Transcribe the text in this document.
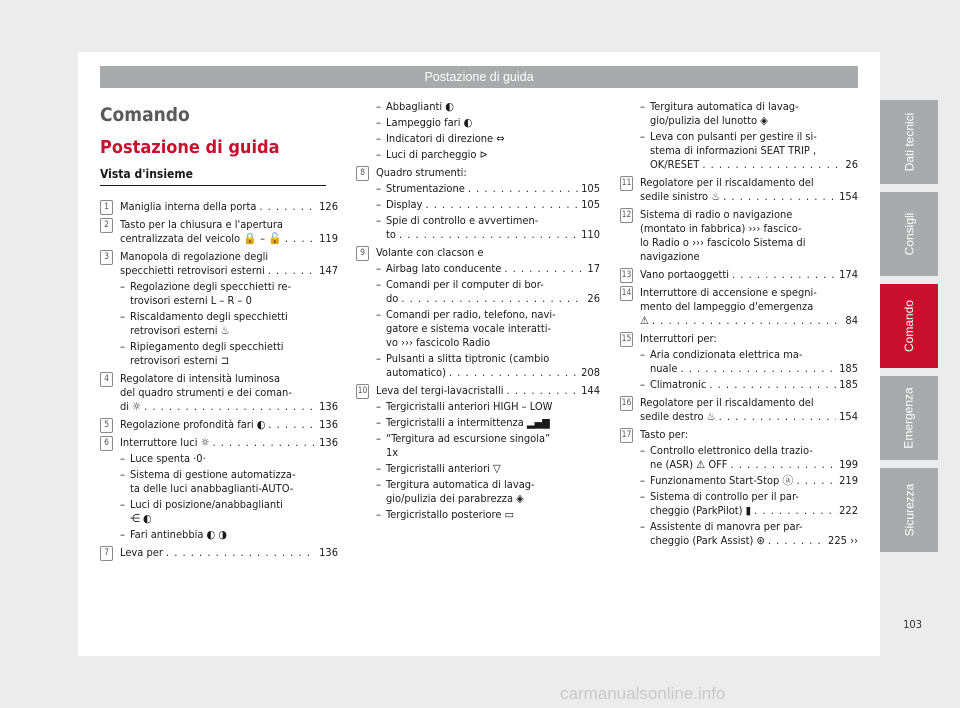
Postazione di guida
Comando
Postazione di guida
Vista d'insieme
1	Maniglia interna della porta . . .	126
2	Tasto per la chiusura e l'apertura
centralizzata del veicolo 🔒 – 🔓 . . .	119
3	Manopola di regolazione degli
specchietti retrovisori esterni . . .	147
– Regolazione degli specchietti re-
trovisori esterni L – R – 0
– Riscaldamento degli specchietti
retrovisori esterni ♨
– Ripiegamento degli specchietti
retrovisori esterni ⊐
4	Regolatore di intensità luminosa
del quadro strumenti e dei coman-
di ☼ . . .	136
5	Regolazione profondità fari ◐ . . .	136
6	Interruttore luci ☼ . . .	136
– Luce spenta ·0·
– Sistema di gestione automatizza-
ta delle luci anabbaglianti-AUTO-
– Luci di posizione/anabbaglianti
⋲ ◐
– Fari antinebbia ◐ ◑
7	Leva per . . .	136
– Abbaglianti ◐
– Lampeggio fari ◐
– Indicatori di direzione ⇔
– Luci di parcheggio ⊳
8	Quadro strumenti:
– Strumentazione . . .	105
– Display . . .	105
– Spie di controllo e avvertimen-
to . . .	110
9	Volante con clacson e
– Airbag lato conducente . . .	17
– Comandi per il computer di bor-
do . . .	26
– Comandi per radio, telefono, navi-
gatore e sistema vocale interatti-
vo ››› fascicolo Radio
– Pulsanti a slitta tiptronic (cambio
automatico) . . .	208
10 Leva del tergi-lavacristalli . . .	144
– Tergicristalli anteriori HIGH – LOW
– Tergicristalli a intermittenza ▂▄▆
– “Tergitura ad escursione singola”
1x
– Tergicristalli anteriori ▽
– Tergitura automatica di lavag-
gio/pulizia dei parabrezza ◈
– Tergicristallo posteriore ▭
– Tergitura automatica di lavag-
gio/pulizia del lunotto ◈
– Leva con pulsanti per gestire il si-
stema di informazioni SEAT TRIP ,
OK/RESET . . .	26
11 Regolatore per il riscaldamento del
sedile sinistro ♨ . . .	154
12 Sistema di radio o navigazione
(montato in fabbrica) ››› fascico-
lo Radio o ››› fascicolo Sistema di
navigazione
13 Vano portaoggetti . . .	174
14 Interruttore di accensione e spegni-
mento del lampeggio d'emergenza
⚠ . . .	84
15 Interruttori per:
– Aria condizionata elettrica ma-
nuale . . .	185
– Climatronic . . .	185
16 Regolatore per il riscaldamento del
sedile destro ♨ . . .	154
17 Tasto per:
– Controllo elettronico della trazio-
ne (ASR) ⚠ OFF . . .	199
– Funzionamento Start-Stop ⓐ . . .	219
– Sistema di controllo per il par-
cheggio (ParkPilot) ▮ . . .	222
– Assistente di manovra per par-
cheggio (Park Assist) ⊛ . . .	225 ››
Dati tecnici
Consigli
Comando
Emergenza
Sicurezza
103
carmanualsonline.info
